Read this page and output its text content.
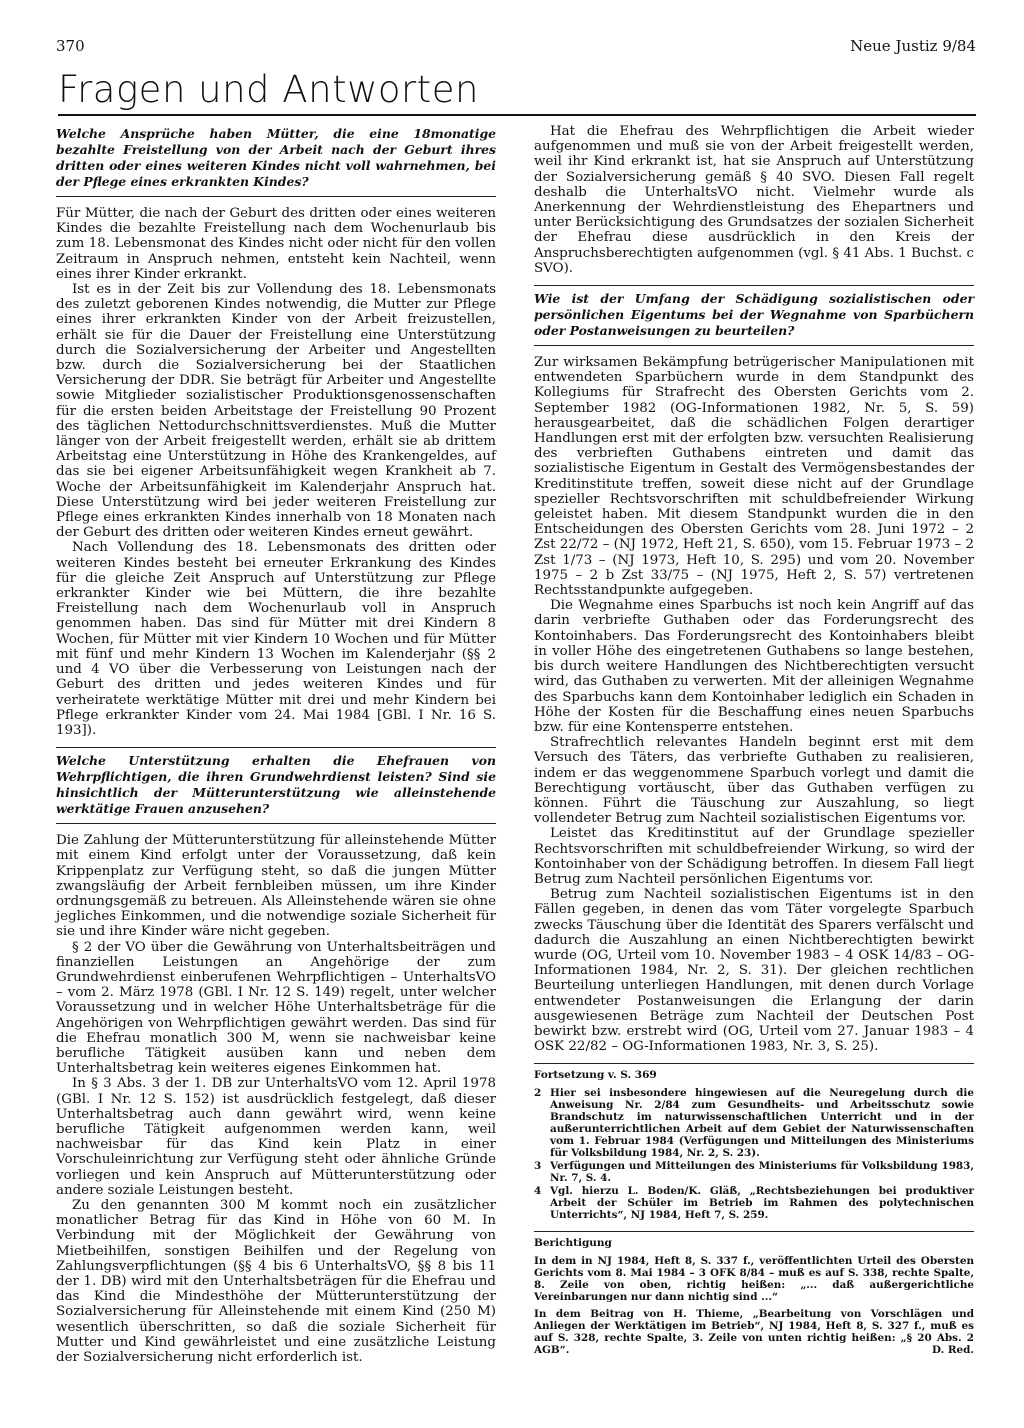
370	Neue Justiz 9/84
Fragen und Antworten

Welche Ansprüche haben Mütter, die eine 18monatige bezahlte Freistellung von der Arbeit nach der Geburt ihres dritten oder eines weiteren Kindes nicht voll wahrnehmen, bei der Pflege eines erkrankten Kindes?

Für Mütter, die nach der Geburt des dritten oder eines weiteren Kindes die bezahlte Freistellung nach dem Wochenurlaub bis zum 18. Lebensmonat des Kindes nicht oder nicht für den vollen Zeitraum in Anspruch nehmen, entsteht kein Nachteil, wenn eines ihrer Kinder erkrankt.

Ist es in der Zeit bis zur Vollendung des 18. Lebensmonats des zuletzt geborenen Kindes notwendig, die Mutter zur Pflege eines ihrer erkrankten Kinder von der Arbeit freizustellen, erhält sie für die Dauer der Freistellung eine Unterstützung durch die Sozialversicherung der Arbeiter und Angestellten bzw. durch die Sozialversicherung bei der Staatlichen Versicherung der DDR. Sie beträgt für Arbeiter und Angestellte sowie Mitglieder sozialistischer Produktionsgenossenschaften für die ersten beiden Arbeitstage der Freistellung 90 Prozent des täglichen Nettodurchschnittsverdienstes. Muß die Mutter länger von der Arbeit freigestellt werden, erhält sie ab drittem Arbeitstag eine Unterstützung in Höhe des Krankengeldes, auf das sie bei eigener Arbeitsunfähigkeit wegen Krankheit ab 7. Woche der Arbeitsunfähigkeit im Kalenderjahr Anspruch hat. Diese Unterstützung wird bei jeder weiteren Freistellung zur Pflege eines erkrankten Kindes innerhalb von 18 Monaten nach der Geburt des dritten oder weiteren Kindes erneut gewährt.

Nach Vollendung des 18. Lebensmonats des dritten oder weiteren Kindes besteht bei erneuter Erkrankung des Kindes für die gleiche Zeit Anspruch auf Unterstützung zur Pflege erkrankter Kinder wie bei Müttern, die ihre bezahlte Freistellung nach dem Wochenurlaub voll in Anspruch genommen haben. Das sind für Mütter mit drei Kindern 8 Wochen, für Mütter mit vier Kindern 10 Wochen und für Mütter mit fünf und mehr Kindern 13 Wochen im Kalenderjahr (§§ 2 und 4 VO über die Verbesserung von Leistungen nach der Geburt des dritten und jedes weiteren Kindes und für verheiratete werktätige Mütter mit drei und mehr Kindern bei Pflege erkrankter Kinder vom 24. Mai 1984 [GBl. I Nr. 16 S. 193]).

Welche Unterstützung erhalten die Ehefrauen von Wehrpflichtigen, die ihren Grundwehrdienst leisten? Sind sie hinsichtlich der Mütterunterstützung wie alleinstehende werktätige Frauen anzusehen?

Die Zahlung der Mütterunterstützung für alleinstehende Mütter mit einem Kind erfolgt unter der Voraussetzung, daß kein Krippenplatz zur Verfügung steht, so daß die jungen Mütter zwangsläufig der Arbeit fernbleiben müssen, um ihre Kinder ordnungsgemäß zu betreuen. Als Alleinstehende wären sie ohne jegliches Einkommen, und die notwendige soziale Sicherheit für sie und ihre Kinder wäre nicht gegeben.

§ 2 der VO über die Gewährung von Unterhaltsbeiträgen und finanziellen Leistungen an Angehörige der zum Grundwehrdienst einberufenen Wehrpflichtigen – UnterhaltsVO – vom 2. März 1978 (GBl. I Nr. 12 S. 149) regelt, unter welcher Voraussetzung und in welcher Höhe Unterhaltsbeträge für die Angehörigen von Wehrpflichtigen gewährt werden. Das sind für die Ehefrau monatlich 300 M, wenn sie nachweisbar keine berufliche Tätigkeit ausüben kann und neben dem Unterhaltsbetrag kein weiteres eigenes Einkommen hat.

In § 3 Abs. 3 der 1. DB zur UnterhaltsVO vom 12. April 1978 (GBl. I Nr. 12 S. 152) ist ausdrücklich festgelegt, daß dieser Unterhaltsbetrag auch dann gewährt wird, wenn keine berufliche Tätigkeit aufgenommen werden kann, weil nachweisbar für das Kind kein Platz in einer Vorschuleinrichtung zur Verfügung steht oder ähnliche Gründe vorliegen und kein Anspruch auf Mütterunterstützung oder andere soziale Leistungen besteht.

Zu den genannten 300 M kommt noch ein zusätzlicher monatlicher Betrag für das Kind in Höhe von 60 M. In Verbindung mit der Möglichkeit der Gewährung von Mietbeihilfen, sonstigen Beihilfen und der Regelung von Zahlungsverpflichtungen (§§ 4 bis 6 UnterhaltsVO, §§ 8 bis 11 der 1. DB) wird mit den Unterhaltsbeträgen für die Ehefrau und das Kind die Mindesthöhe der Mütterunterstützung der Sozialversicherung für Alleinstehende mit einem Kind (250 M) wesentlich überschritten, so daß die soziale Sicherheit für Mutter und Kind gewährleistet und eine zusätzliche Leistung der Sozialversicherung nicht erforderlich ist.

Hat die Ehefrau des Wehrpflichtigen die Arbeit wieder aufgenommen und muß sie von der Arbeit freigestellt werden, weil ihr Kind erkrankt ist, hat sie Anspruch auf Unterstützung der Sozialversicherung gemäß § 40 SVO. Diesen Fall regelt deshalb die UnterhaltsVO nicht. Vielmehr wurde als Anerkennung der Wehrdienstleistung des Ehepartners und unter Berücksichtigung des Grundsatzes der sozialen Sicherheit der Ehefrau diese ausdrücklich in den Kreis der Anspruchsberechtigten aufgenommen (vgl. § 41 Abs. 1 Buchst. c SVO).

Wie ist der Umfang der Schädigung sozialistischen oder persönlichen Eigentums bei der Wegnahme von Sparbüchern oder Postanweisungen zu beurteilen?

Zur wirksamen Bekämpfung betrügerischer Manipulationen mit entwendeten Sparbüchern wurde in dem Standpunkt des Kollegiums für Strafrecht des Obersten Gerichts vom 2. September 1982 (OG-Informationen 1982, Nr. 5, S. 59) herausgearbeitet, daß die schädlichen Folgen derartiger Handlungen erst mit der erfolgten bzw. versuchten Realisierung des verbrieften Guthabens eintreten und damit das sozialistische Eigentum in Gestalt des Vermögensbestandes der Kreditinstitute treffen, soweit diese nicht auf der Grundlage spezieller Rechtsvorschriften mit schuldbefreiender Wirkung geleistet haben. Mit diesem Standpunkt wurden die in den Entscheidungen des Obersten Gerichts vom 28. Juni 1972 – 2 Zst 22/72 – (NJ 1972, Heft 21, S. 650), vom 15. Februar 1973 – 2 Zst 1/73 – (NJ 1973, Heft 10, S. 295) und vom 20. November 1975 – 2 b Zst 33/75 – (NJ 1975, Heft 2, S. 57) vertretenen Rechtsstandpunkte aufgegeben.

Die Wegnahme eines Sparbuchs ist noch kein Angriff auf das darin verbriefte Guthaben oder das Forderungsrecht des Kontoinhabers. Das Forderungsrecht des Kontoinhabers bleibt in voller Höhe des eingetretenen Guthabens so lange bestehen, bis durch weitere Handlungen des Nichtberechtigten versucht wird, das Guthaben zu verwerten. Mit der alleinigen Wegnahme des Sparbuchs kann dem Kontoinhaber lediglich ein Schaden in Höhe der Kosten für die Beschaffung eines neuen Sparbuchs bzw. für eine Kontensperre entstehen.

Strafrechtlich relevantes Handeln beginnt erst mit dem Versuch des Täters, das verbriefte Guthaben zu realisieren, indem er das weggenommene Sparbuch vorlegt und damit die Berechtigung vortäuscht, über das Guthaben verfügen zu können. Führt die Täuschung zur Auszahlung, so liegt vollendeter Betrug zum Nachteil sozialistischen Eigentums vor.

Leistet das Kreditinstitut auf der Grundlage spezieller Rechtsvorschriften mit schuldbefreiender Wirkung, so wird der Kontoinhaber von der Schädigung betroffen. In diesem Fall liegt Betrug zum Nachteil persönlichen Eigentums vor.

Betrug zum Nachteil sozialistischen Eigentums ist in den Fällen gegeben, in denen das vom Täter vorgelegte Sparbuch zwecks Täuschung über die Identität des Sparers verfälscht und dadurch die Auszahlung an einen Nichtberechtigten bewirkt wurde (OG, Urteil vom 10. November 1983 – 4 OSK 14/83 – OG-Informationen 1984, Nr. 2, S. 31). Der gleichen rechtlichen Beurteilung unterliegen Handlungen, mit denen durch Vorlage entwendeter Postanweisungen die Erlangung der darin ausgewiesenen Beträge zum Nachteil der Deutschen Post bewirkt bzw. erstrebt wird (OG, Urteil vom 27. Januar 1983 – 4 OSK 22/82 – OG-Informationen 1983, Nr. 3, S. 25).

Fortsetzung v. S. 369

2 Hier sei insbesondere hingewiesen auf die Neuregelung durch die Anweisung Nr. 2/84 zum Gesundheits- und Arbeitsschutz sowie Brandschutz im naturwissenschaftlichen Unterricht und in der außerunterrichtlichen Arbeit auf dem Gebiet der Naturwissenschaften vom 1. Februar 1984 (Verfügungen und Mitteilungen des Ministeriums für Volksbildung 1984, Nr. 2, S. 23).
3 Verfügungen und Mitteilungen des Ministeriums für Volksbildung 1983, Nr. 7, S. 4.
4 Vgl. hierzu L. Boden/K. Gläß, „Rechtsbeziehungen bei produktiver Arbeit der Schüler im Betrieb im Rahmen des polytechnischen Unterrichts“, NJ 1984, Heft 7, S. 259.

Berichtigung

In dem in NJ 1984, Heft 8, S. 337 f., veröffentlichten Urteil des Obersten Gerichts vom 8. Mai 1984 – 3 OFK 8/84 – muß es auf S. 338, rechte Spalte, 8. Zeile von oben, richtig heißen: „... daß außergerichtliche Vereinbarungen nur dann nichtig sind ...“

In dem Beitrag von H. Thieme, „Bearbeitung von Vorschlägen und Anliegen der Werktätigen im Betrieb“, NJ 1984, Heft 8, S. 327 f., muß es auf S. 328, rechte Spalte, 3. Zeile von unten richtig heißen: „§ 20 Abs. 2 AGB“.	D. Red.
